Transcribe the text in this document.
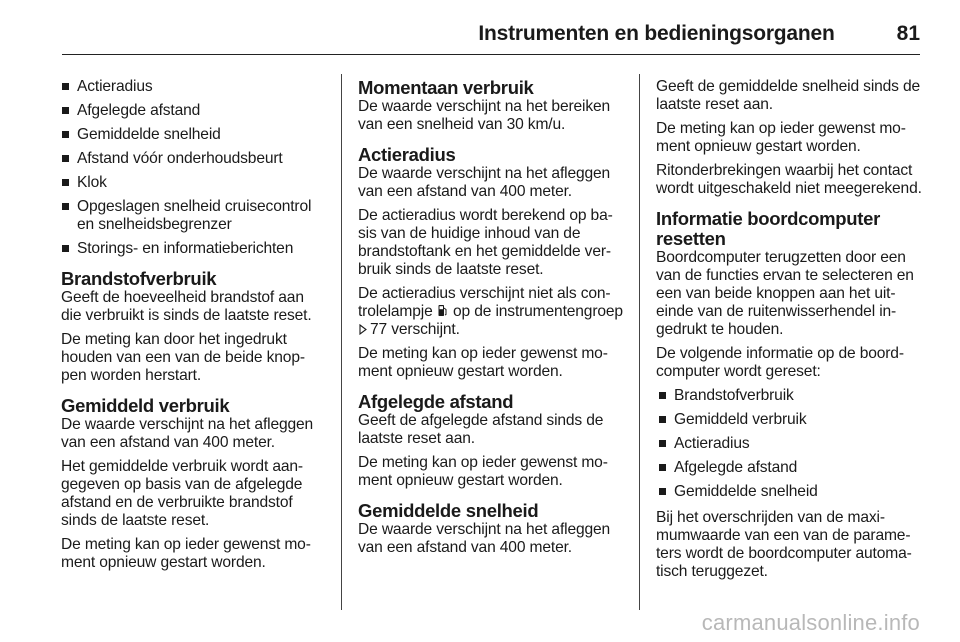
Instrumenten en bedieningsorganen	81
Actieradius
Afgelegde afstand
Gemiddelde snelheid
Afstand vóór onderhoudsbeurt
Klok
Opgeslagen snelheid cruisecontrol en snelheidsbegrenzer
Storings- en informatieberichten
Brandstofverbruik

Geeft de hoeveelheid brandstof aan die verbruikt is sinds de laatste reset.

De meting kan door het ingedrukt houden van een van de beide knoppen worden herstart.

Gemiddeld verbruik

De waarde verschijnt na het afleggen van een afstand van 400 meter.

Het gemiddelde verbruik wordt aangegeven op basis van de afgelegde afstand en de verbruikte brandstof sinds de laatste reset.

De meting kan op ieder gewenst moment opnieuw gestart worden.

Momentaan verbruik

De waarde verschijnt na het bereiken van een snelheid van 30 km/u.

Actieradius

De waarde verschijnt na het afleggen van een afstand van 400 meter.

De actieradius wordt berekend op basis van de huidige inhoud van de brandstoftank en het gemiddelde verbruik sinds de laatste reset.

De actieradius verschijnt niet als controlelampje op de instrumentengroep 77 verschijnt.

De meting kan op ieder gewenst moment opnieuw gestart worden.

Afgelegde afstand

Geeft de afgelegde afstand sinds de laatste reset aan.

De meting kan op ieder gewenst moment opnieuw gestart worden.

Gemiddelde snelheid

De waarde verschijnt na het afleggen van een afstand van 400 meter.

Geeft de gemiddelde snelheid sinds de laatste reset aan.

De meting kan op ieder gewenst moment opnieuw gestart worden.

Ritonderbrekingen waarbij het contact wordt uitgeschakeld niet meegerekend.

Informatie boordcomputer resetten

Boordcomputer terugzetten door een van de functies ervan te selecteren en een van beide knoppen aan het uiteinde van de ruitenwisserhendel ingedrukt te houden.

De volgende informatie op de boordcomputer wordt gereset:

Brandstofverbruik
Gemiddeld verbruik
Actieradius
Afgelegde afstand
Gemiddelde snelheid

Bij het overschrijden van de maximumwaarde van een van de parameters wordt de boordcomputer automatisch teruggezet.

carmanualsonline.info
